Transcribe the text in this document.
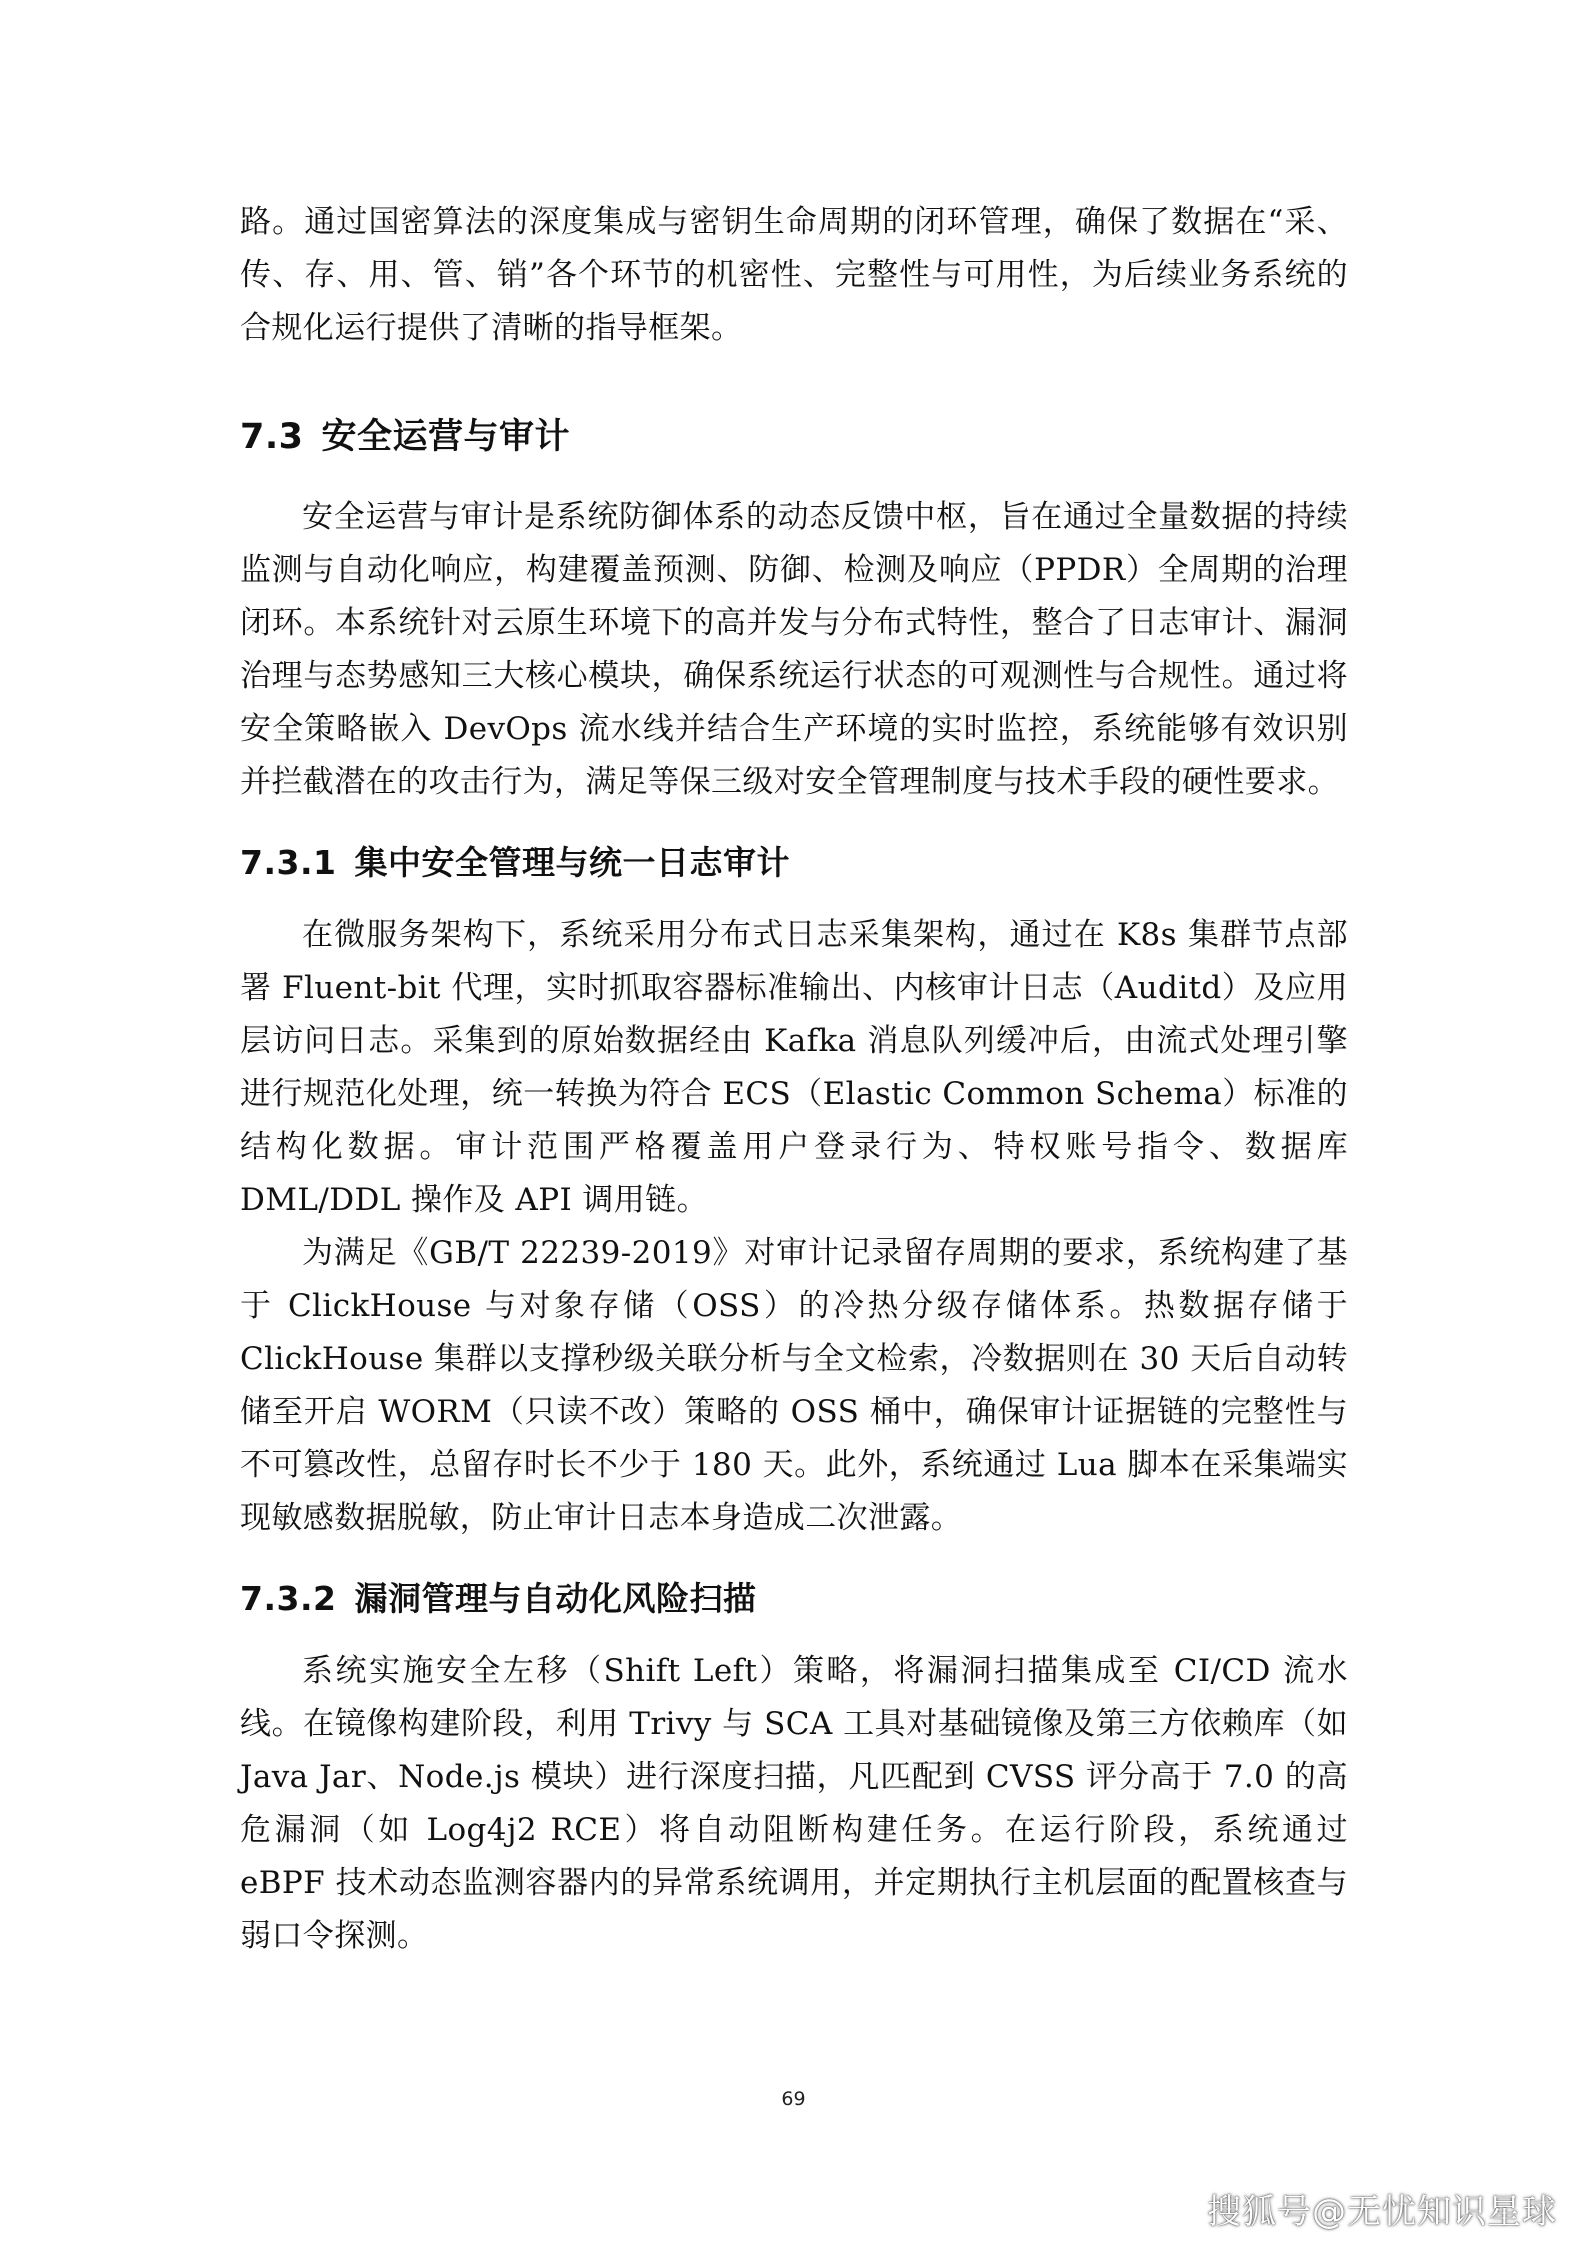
路。通过国密算法的深度集成与密钥生命周期的闭环管理，确保了数据在“采、传、存、用、管、销”各个环节的机密性、完整性与可用性，为后续业务系统的合规化运行提供了清晰的指导框架。

7.3 安全运营与审计

安全运营与审计是系统防御体系的动态反馈中枢，旨在通过全量数据的持续监测与自动化响应，构建覆盖预测、防御、检测及响应（PPDR）全周期的治理闭环。本系统针对云原生环境下的高并发与分布式特性，整合了日志审计、漏洞治理与态势感知三大核心模块，确保系统运行状态的可观测性与合规性。通过将安全策略嵌入 DevOps 流水线并结合生产环境的实时监控，系统能够有效识别并拦截潜在的攻击行为，满足等保三级对安全管理制度与技术手段的硬性要求。

7.3.1 集中安全管理与统一日志审计

在微服务架构下，系统采用分布式日志采集架构，通过在 K8s 集群节点部署 Fluent-bit 代理，实时抓取容器标准输出、内核审计日志（Auditd）及应用层访问日志。采集到的原始数据经由 Kafka 消息队列缓冲后，由流式处理引擎进行规范化处理，统一转换为符合 ECS（Elastic Common Schema）标准的结构化数据。审计范围严格覆盖用户登录行为、特权账号指令、数据库 DML/DDL 操作及 API 调用链。

为满足《GB/T 22239-2019》对审计记录留存周期的要求，系统构建了基于 ClickHouse 与对象存储（OSS）的冷热分级存储体系。热数据存储于 ClickHouse 集群以支撑秒级关联分析与全文检索，冷数据则在 30 天后自动转储至开启 WORM（只读不改）策略的 OSS 桶中，确保审计证据链的完整性与不可篡改性，总留存时长不少于 180 天。此外，系统通过 Lua 脚本在采集端实现敏感数据脱敏，防止审计日志本身造成二次泄露。

7.3.2 漏洞管理与自动化风险扫描

系统实施安全左移（Shift Left）策略，将漏洞扫描集成至 CI/CD 流水线。在镜像构建阶段，利用 Trivy 与 SCA 工具对基础镜像及第三方依赖库（如 Java Jar、Node.js 模块）进行深度扫描，凡匹配到 CVSS 评分高于 7.0 的高危漏洞（如 Log4j2 RCE）将自动阻断构建任务。在运行阶段，系统通过 eBPF 技术动态监测容器内的异常系统调用，并定期执行主机层面的配置核查与弱口令探测。

69
搜狐号@无忧知识星球
